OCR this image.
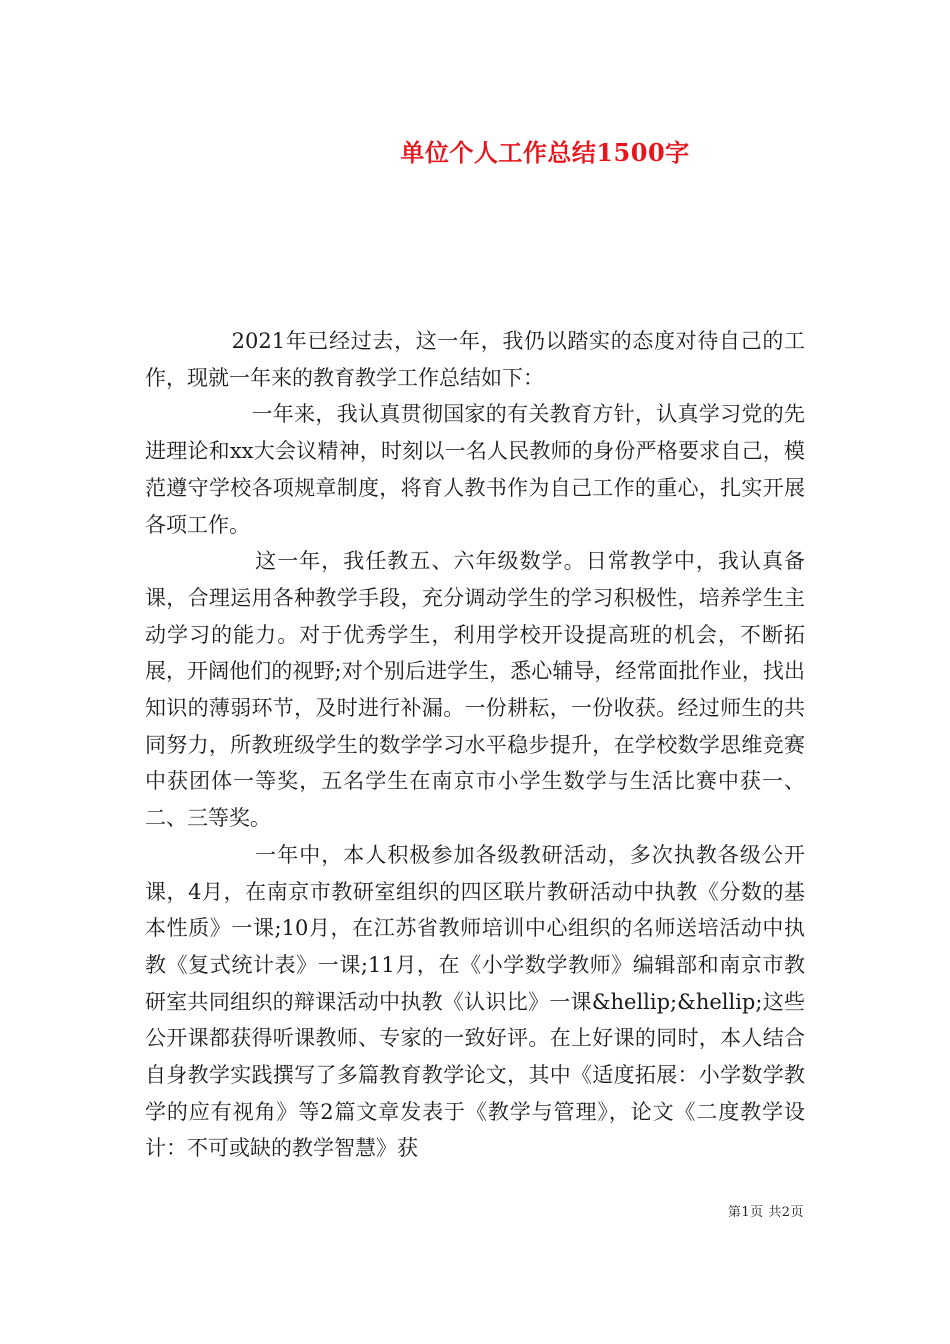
单位个人工作总结1500字

　　　　2021年已经过去，这一年，我仍以踏实的态度对待自己的工作，现就一年来的教育教学工作总结如下：

　　　　　一年来，我认真贯彻国家的有关教育方针，认真学习党的先进理论和xx大会议精神，时刻以一名人民教师的身份严格要求自己，模范遵守学校各项规章制度，将育人教书作为自己工作的重心，扎实开展各项工作。

　　　　　这一年，我任教五、六年级数学。日常教学中，我认真备课，合理运用各种教学手段，充分调动学生的学习积极性，培养学生主动学习的能力。对于优秀学生，利用学校开设提高班的机会，不断拓展，开阔他们的视野;对个别后进学生，悉心辅导，经常面批作业，找出知识的薄弱环节，及时进行补漏。一份耕耘，一份收获。经过师生的共同努力，所教班级学生的数学学习水平稳步提升，在学校数学思维竞赛中获团体一等奖，五名学生在南京市小学生数学与生活比赛中获一、二、三等奖。

　　　　　一年中，本人积极参加各级教研活动，多次执教各级公开课，4月，在南京市教研室组织的四区联片教研活动中执教《分数的基本性质》一课;10月，在江苏省教师培训中心组织的名师送培活动中执教《复式统计表》一课;11月，在《小学数学教师》编辑部和南京市教研室共同组织的辩课活动中执教《认识比》一课&hellip;&hellip;这些公开课都获得听课教师、专家的一致好评。在上好课的同时，本人结合自身教学实践撰写了多篇教育教学论文，其中《适度拓展：小学数学教学的应有视角》等2篇文章发表于《教学与管理》，论文《二度教学设计：不可或缺的教学智慧》获

第1页 共2页
